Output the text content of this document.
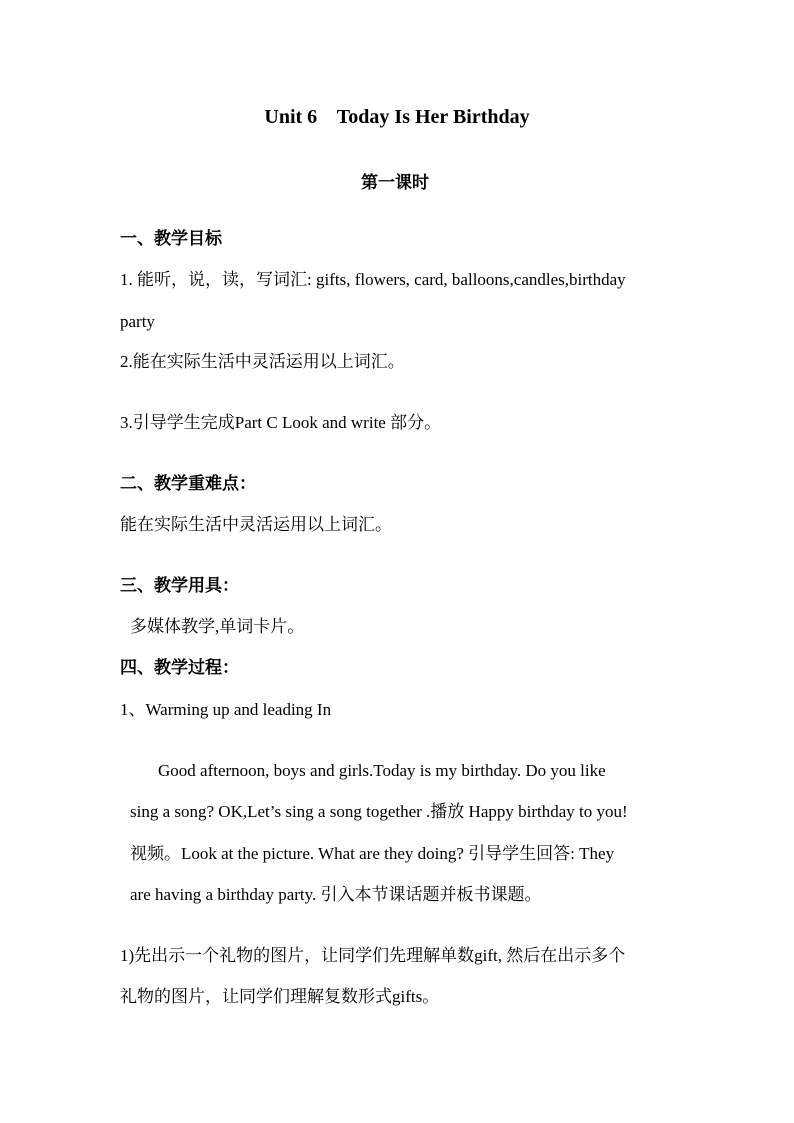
Unit 6    Today Is Her Birthday
第一课时
一、教学目标
1. 能听，说，读，写词汇: gifts, flowers, card, balloons,candles,birthday
party
2.能在实际生活中灵活运用以上词汇。
3.引导学生完成Part C Look and write 部分。
二、教学重难点：
能在实际生活中灵活运用以上词汇。
三、教学用具：
多媒体教学,单词卡片。
四、教学过程：
1、Warming up and leading In
Good afternoon, boys and girls.Today is my birthday. Do you like
sing a song? OK,Let’s sing a song together .播放 Happy birthday to you!
视频。Look at the picture. What are they doing? 引导学生回答: They
are having a birthday party. 引入本节课话题并板书课题。
1)先出示一个礼物的图片，让同学们先理解单数gift, 然后在出示多个
礼物的图片，让同学们理解复数形式gifts。
